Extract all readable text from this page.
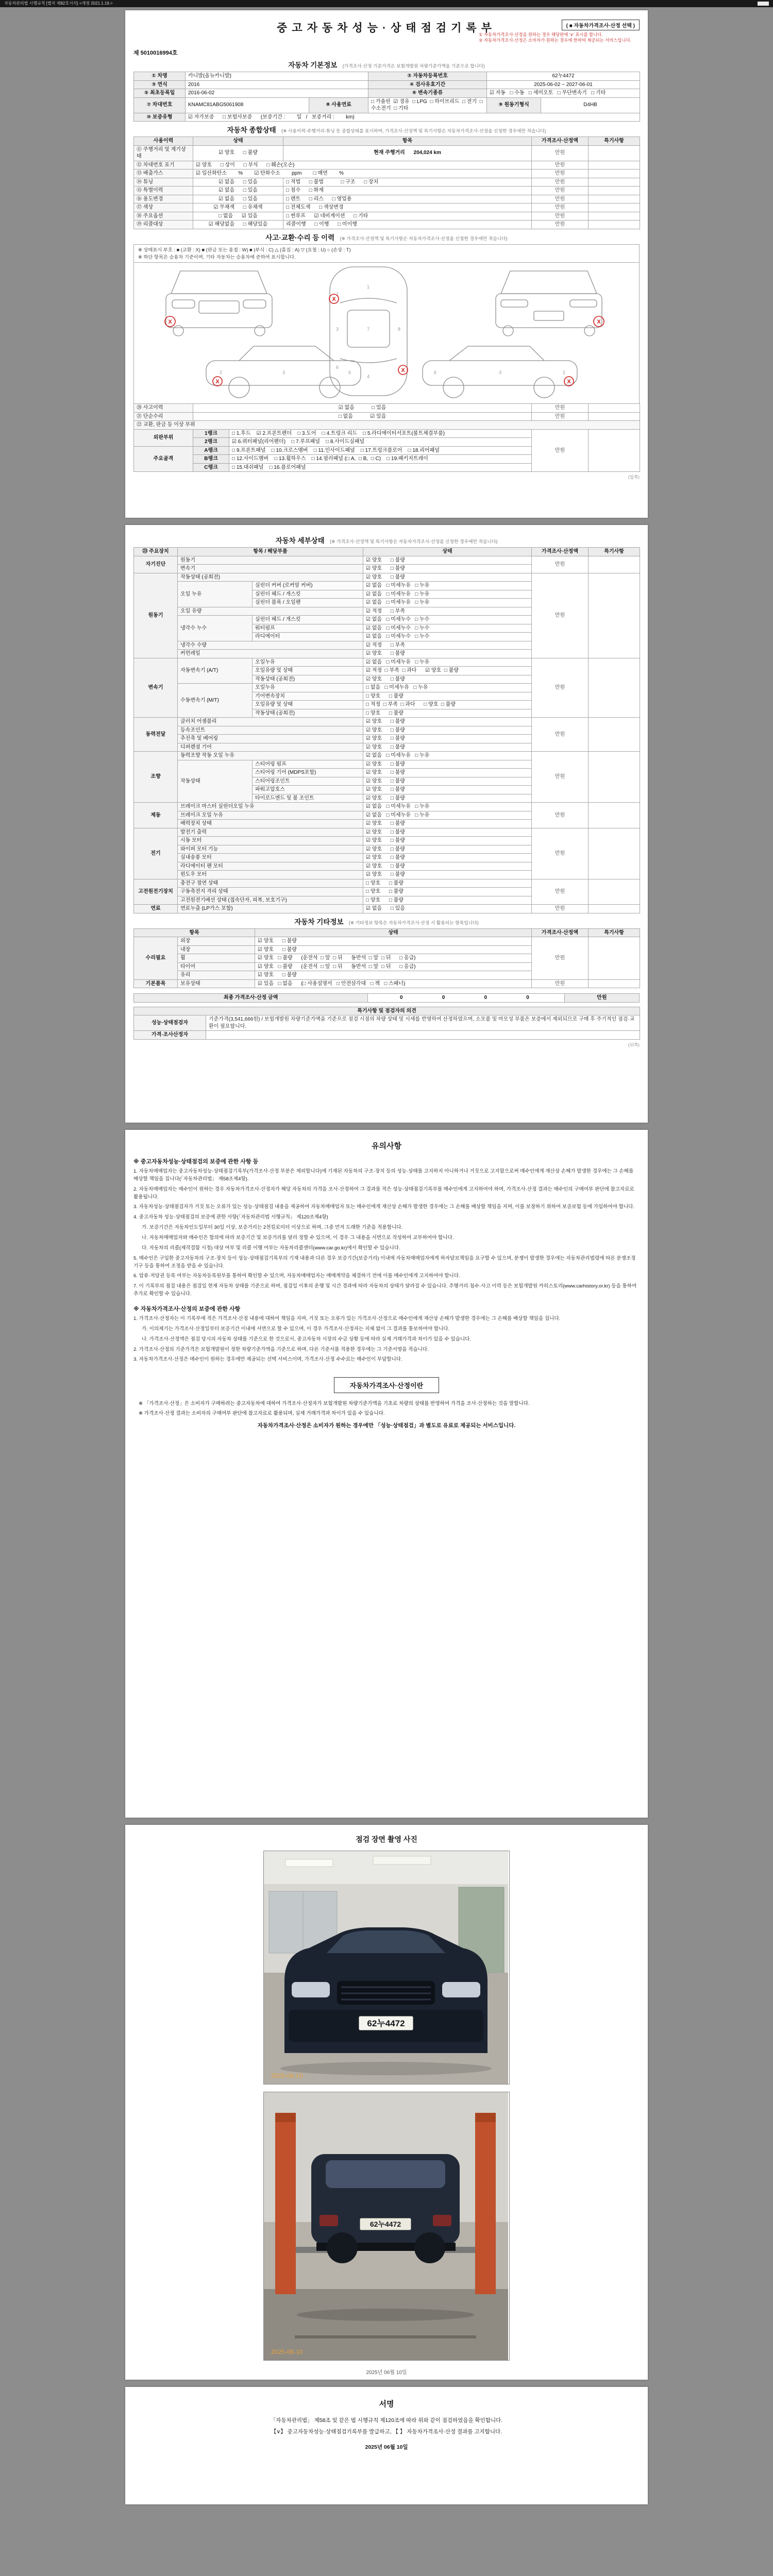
자동차관리법 시행규칙 [별지 제82호서식] <개정 2021.1.19.>
중고자동차성능·상태점검기록부	( ■ 자동차가격조사·산정 선택 )
① 자동차가격조사·산정을 원하는 경우 해당란에 '∨' 표시를 합니다.
② 자동차가격조사·산정은 소비자가 원하는 경우에 한하여 제공되는 서비스입니다.
제 5010016994호
자동차 기본정보 (가격조사·산정 기준가격은 보험개발원 차량기준가액을 기준으로 합니다)
① 차명	카니발(올뉴카니발)		② 자동차등록번호	62누4472	
③ 연식	2016		④ 검사유효기간	2025-06-02 ~ 2027-06-01	
⑤ 최초등록일	2016-06-02		⑥ 변속기종류	☑ 자동   □ 수동   □ 세미오토   □ 무단변속기   □ 기타	
⑦ 차대번호	KNAMC81ABG5061908	⑧ 사용연료	□ 가솔린  ☑ 경유  □ LPG  □ 하이브리드  □ 전기  □ 수소전기  □ 기타	⑨ 원동기형식	D4HB
⑩ 보증유형	☑ 자가보증      □ 보험사보증      (보증기간 :        일   /   보증거리 :        km)				
자동차 종합상태 (※ 사용이력·주행거리·튜닝 등 종합상태를 표시하며, 가격조사·산정액 및 특기사항은 자동차가격조사·산정을 신청한 경우에만 적습니다)
사용이력	상태	항목	가격조사·산정액	특기사항
⑪ 주행거리 및 계기상태	☑ 양호      □ 불량	현재 주행거리      204,024 km	만원	
⑫ 차대번호 표기	☑ 양호      □ 상이      □ 부식      □ 훼손(오손)		만원	
⑬ 배출가스	☑ 일산화탄소        %        ☑ 탄화수소        ppm        □ 매연        %		만원	
⑭ 튜닝	☑ 없음      □ 있음	□ 적법      □ 불법            □ 구조      □ 장치	만원	
⑮ 특별이력	☑ 없음      □ 있음	□ 침수      □ 화재	만원	
⑯ 용도변경	☑ 없음      □ 있음	□ 렌트      □ 리스      □ 영업용	만원	
⑰ 색상	☑ 무채색      □ 유채색	□ 전체도색      □ 색상변경	만원	
⑱ 주요옵션	□ 없음      ☑ 있음	□ 썬루프      ☑ 네비게이션      □ 기타	만원	
⑲ 리콜대상	☑ 해당없음      □ 해당있음	리콜이행      □ 이행      □ 미이행	만원	
사고·교환·수리 등 이력 (※ 가격조사·산정액 및 특기사항은 자동차가격조사·산정을 신청한 경우에만 적습니다)
※ 상태표시 부호 : ■ (교환 : X) ■ (판금 또는 용접 : W) ■ (부식 : C) △ (흠집 : A) ▽ (요철 : U) ○ (손상 : T)
※ 하단 항목은 승용차 기준이며, 기타 자동차는 승용차에 준하여 표시합니다.
X
1
7
4
2
3
6
8
X
X
X
2	3	6
X
2
3
6
X
⑳ 사고이력	☑ 없음            □ 있음		만원	
㉑ 단순수리	□ 없음            ☑ 있음		만원	
㉒ 교환, 판금 등 이상 부위				
외판부위	1랭크	□ 1.후드    ☑ 2.프론트펜더    □ 3.도어    □ 4.트렁크 리드    □ 5.라디에이터서포트(볼트체결부품)	만원	
	2랭크	☑ 6.쿼터패널(리어펜더)    □ 7.루프패널    □ 8.사이드실패널		
주요골격	A랭크	□ 9.프론트패널    □ 10.크로스멤버    □ 11.인사이드패널    □ 17.트렁크플로어    □ 18.리어패널		
	B랭크	□ 12.사이드멤버    □ 13.휠하우스    □ 14.필러패널 (□ A,  □ B,  □ C)    □ 19.패키지트레이		
	C랭크	□ 15.대쉬패널    □ 16.플로어패널		
(앞쪽)
자동차 세부상태 (※ 가격조사·산정액 및 특기사항은 자동차가격조사·산정을 신청한 경우에만 적습니다)
㉓ 주요장치	항목 / 해당부품		상태	가격조사·산정액	특기사항
자기진단	원동기		☑ 양호      □ 불량	만원	
	변속기		☑ 양호      □ 불량		
원동기	작동상태 (공회전)		☑ 양호      □ 불량	만원	
	오일 누유	실린더 커버 (로커암 커버)	☑ 없음   □ 미세누유   □ 누유		
		실린더 헤드 / 개스킷	☑ 없음   □ 미세누유   □ 누유		
		실린더 블록 / 오일팬	☑ 없음   □ 미세누유   □ 누유		
	오일 유량		☑ 적정      □ 부족		
	냉각수 누수	실린더 헤드 / 개스킷	☑ 없음   □ 미세누수   □ 누수		
		워터펌프	☑ 없음   □ 미세누수   □ 누수		
		라디에이터	☑ 없음   □ 미세누수   □ 누수		
	냉각수 수량		☑ 적정      □ 부족		
	커먼레일		☑ 양호      □ 불량		
변속기	자동변속기 (A/T)	오일누유	☑ 없음   □ 미세누유   □ 누유	만원	
		오일유량 및 상태	☑ 적정  □ 부족  □ 과다      ☑ 양호  □ 불량		
		작동상태 (공회전)	☑ 양호      □ 불량		
	수동변속기 (M/T)	오일누유	□ 없음   □ 미세누유   □ 누유		
		기어변속장치	□ 양호      □ 불량		
		오일유량 및 상태	□ 적정  □ 부족  □ 과다      □ 양호  □ 불량		
		작동상태 (공회전)	□ 양호      □ 불량		
동력전달	클러치 어셈블리		☑ 양호      □ 불량	만원	
	등속조인트		☑ 양호      □ 불량		
	추진축 및 베어링		☑ 양호      □ 불량		
	디퍼렌셜 기어		☑ 양호      □ 불량		
조향	동력조향 작동 오일 누유		☑ 없음   □ 미세누유   □ 누유	만원	
	작동상태	스티어링 펌프	☑ 양호      □ 불량		
		스티어링 기어 (MDPS포함)	☑ 양호      □ 불량		
		스티어링조인트	☑ 양호      □ 불량		
		파워고압호스	☑ 양호      □ 불량		
		타이로드엔드 및 볼 조인트	☑ 양호      □ 불량		
제동	브레이크 마스터 실린더오일 누유		☑ 없음   □ 미세누유   □ 누유	만원	
	브레이크 오일 누유		☑ 없음   □ 미세누유   □ 누유		
	배력장치 상태		☑ 양호      □ 불량		
전기	발전기 출력		☑ 양호      □ 불량	만원	
	시동 모터		☑ 양호      □ 불량		
	와이퍼 모터 기능		☑ 양호      □ 불량		
	실내송풍 모터		☑ 양호      □ 불량		
	라디에이터 팬 모터		☑ 양호      □ 불량		
	윈도우 모터		☑ 양호      □ 불량		
고전원전기장치	충전구 절연 상태		□ 양호      □ 불량	만원	
	구동축전지 격리 상태		□ 양호      □ 불량		
	고전원전기배선 상태 (접속단자, 피복, 보호기구)		□ 양호      □ 불량		
연료	연료누출 (LP가스 포함)		☑ 없음      □ 있음	만원	
자동차 기타정보 (※ 기타정보 항목은 자동차가격조사·산정 시 활용되는 항목입니다)
항목		상태	가격조사·산정액	특기사항
수리필요	외장	☑ 양호      □ 불량	만원	
	내장	☑ 양호      □ 불량		
	휠	☑ 양호   □ 불량      (운전석  □ 앞  □ 뒤      동반석  □ 앞  □ 뒤      □ 응급)		
	타이어	☑ 양호   □ 불량      (운전석  □ 앞  □ 뒤      동반석  □ 앞  □ 뒤      □ 응급)		
	유리	☑ 양호      □ 불량		
기본품목	보유상태	☑ 있음   □ 없음      (□ 사용설명서   □ 안전삼각대   □ 잭   □ 스패너)	만원	
최종 가격조사·산정 금액	0        0        0        0	만원
특기사항 및 점검자의 의견	
성능·상태점검자	기준가격(3,541,666원) / 보험개발원 차량기준가액을 기준으로 점검 시점의 차량 상태 및 시세를 반영하여 산정하였으며, 소모품 및 마모성 부품은 보증에서 제외되므로 구매 후 주기적인 점검·교환이 필요합니다.
가격·조사산정자	
(뒤쪽)
유의사항
※ 중고자동차성능·상태점검의 보증에 관한 사항 등
1. 자동차매매업자는 중고자동차성능·상태점검기록부(가격조사·산정 부분은 제외합니다)에 기재된 자동차의 구조·장치 등의 성능·상태를 고지하지 아니하거나 거짓으로 고지함으로써 매수인에게 재산상 손해가 발생한 경우에는 그 손해를 배상할 책임을 집니다(「자동차관리법」 제58조제4항).
2. 자동차매매업자는 매수인이 원하는 경우 자동차가격조사·산정자가 해당 자동차의 가격을 조사·산정하여 그 결과를 적은 성능·상태점검기록부를 매수인에게 고지하여야 하며, 가격조사·산정 결과는 매수인의 구매여부 판단에 참고자료로 활용됩니다.
3. 자동차성능·상태점검자가 거짓 또는 오류가 있는 성능·상태점검 내용을 제공하여 자동차매매업자 또는 매수인에게 재산상 손해가 발생한 경우에는 그 손해를 배상할 책임을 지며, 이를 보장하기 위하여 보증보험 등에 가입하여야 합니다.
4. 중고자동차 성능·상태점검의 보증에 관한 사항(「자동차관리법 시행규칙」 제120조제4항)
가. 보증기간은 자동차인도일부터 30일 이상, 보증거리는 2천킬로미터 이상으로 하며, 그중 먼저 도래한 기준을 적용합니다.
나. 자동차매매업자와 매수인은 합의에 따라 보증기간 및 보증거리를 달리 정할 수 있으며, 이 경우 그 내용을 서면으로 작성하여 교부하여야 합니다.
다. 자동차의 리콜(제작결함 시정) 대상 여부 및 리콜 이행 여부는 자동차리콜센터(www.car.go.kr)에서 확인할 수 있습니다.
5. 매수인은 구입한 중고자동차의 구조·장치 등이 성능·상태점검기록부의 기재 내용과 다른 경우 보증기간(보증거리) 이내에 자동차매매업자에게 하자담보책임을 요구할 수 있으며, 분쟁이 발생한 경우에는 자동차관리법령에 따른 분쟁조정기구 등을 통하여 조정을 받을 수 있습니다.
6. 압류·저당권 등록 여부는 자동차등록원부를 통하여 확인할 수 있으며, 자동차매매업자는 매매계약을 체결하기 전에 이를 매수인에게 고지하여야 합니다.
7. 이 기록부의 점검 내용은 점검일 현재 자동차 상태를 기준으로 하며, 점검일 이후의 운행 및 시간 경과에 따라 자동차의 상태가 달라질 수 있습니다. 주행거리·침수·사고 이력 등은 보험개발원 카히스토리(www.carhistory.or.kr) 등을 통하여 추가로 확인할 수 있습니다.
※ 자동차가격조사·산정의 보증에 관한 사항
1. 가격조사·산정자는 이 기록부에 적은 가격조사·산정 내용에 대하여 책임을 지며, 거짓 또는 오류가 있는 가격조사·산정으로 매수인에게 재산상 손해가 발생한 경우에는 그 손해를 배상할 책임을 집니다.
가. 이의제기는 가격조사·산정일부터 보증기간 이내에 서면으로 할 수 있으며, 이 경우 가격조사·산정자는 지체 없이 그 결과를 통보하여야 합니다.
나. 가격조사·산정액은 점검 당시의 자동차 상태를 기준으로 한 것으로서, 중고자동차 시장의 수급 상황 등에 따라 실제 거래가격과 차이가 있을 수 있습니다.
2. 가격조사·산정의 기준가격은 보험개발원이 정한 차량기준가액을 기준으로 하며, 다른 기준서를 적용한 경우에는 그 기준서명을 적습니다.
3. 자동차가격조사·산정은 매수인이 원하는 경우에만 제공되는 선택 서비스이며, 가격조사·산정 수수료는 매수인이 부담합니다.
자동차가격조사·산정이란
※ 「가격조사·산정」은 소비자가 구매하려는 중고자동차에 대하여 가격조사·산정자가 보험개발원 차량기준가액을 기초로 차량의 상태를 반영하여 가격을 조사·산정하는 것을 말합니다.
※ 가격조사·산정 결과는 소비자의 구매여부 판단에 참고자료로 활용되며, 실제 거래가격과 차이가 있을 수 있습니다.
자동차가격조사·산정은 소비자가 원하는 경우에만 「성능·상태점검」과 별도로 유료로 제공되는 서비스입니다.
점검 장면 촬영 사진
62누4472
2025-06-10
62누4472
2025-06-10
2025년 06월 10일
서명

「자동차관리법」 제58조 및 같은 법 시행규칙 제120조에 따라 위와 같이 점검하였음을 확인합니다.

【∨】 중고자동차성능·상태점검기록부를 발급하고, 【 】 자동차가격조사·산정 결과를 고지합니다.

2025년 06월 10일
